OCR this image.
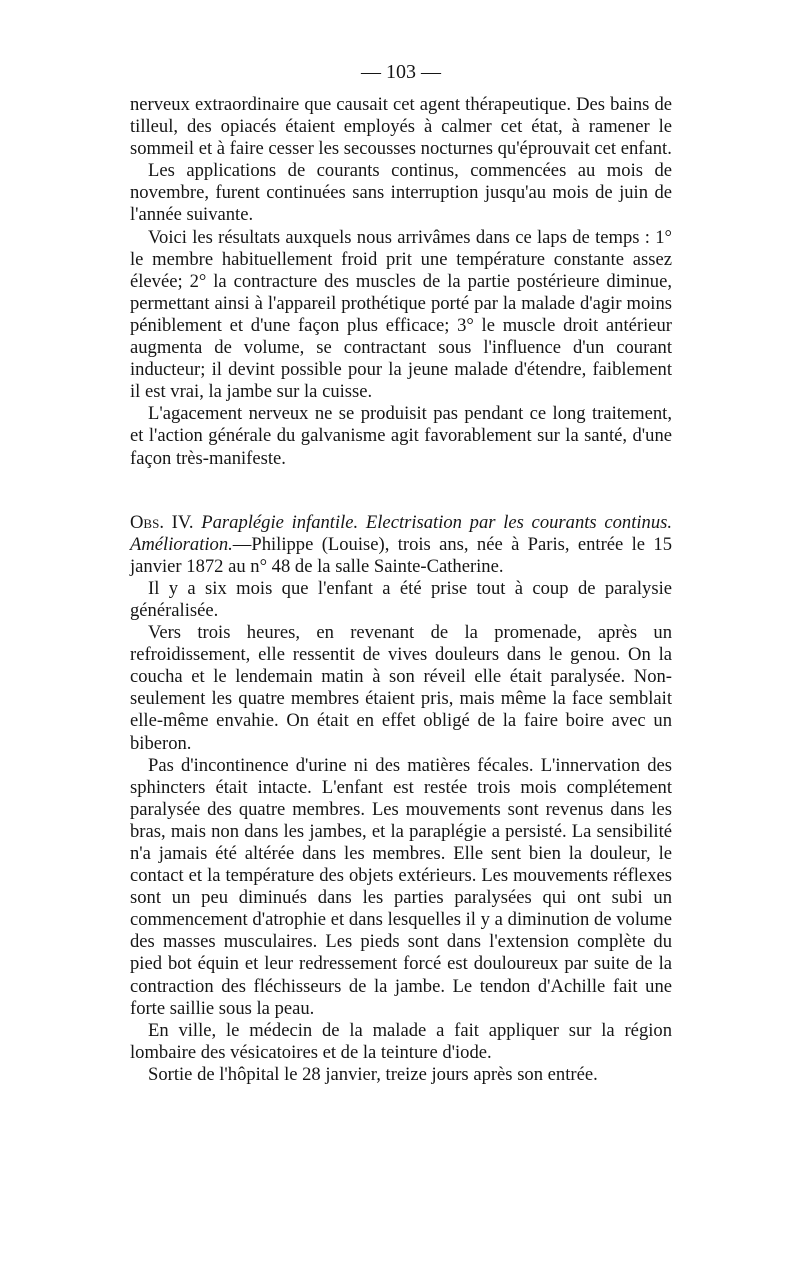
— 103 —

nerveux extraordinaire que causait cet agent thérapeutique. Des bains de tilleul, des opiacés étaient employés à calmer cet état, à ramener le sommeil et à faire cesser les secousses nocturnes qu'éprouvait cet enfant.

Les applications de courants continus, commencées au mois de novembre, furent continuées sans interruption jusqu'au mois de juin de l'année suivante.

Voici les résultats auxquels nous arrivâmes dans ce laps de temps : 1° le membre habituellement froid prit une température constante assez élevée; 2° la contracture des muscles de la partie postérieure diminue, permettant ainsi à l'appareil prothétique porté par la malade d'agir moins péniblement et d'une façon plus efficace; 3° le muscle droit antérieur augmenta de volume, se contractant sous l'influence d'un courant inducteur; il devint possible pour la jeune malade d'étendre, faiblement il est vrai, la jambe sur la cuisse.

L'agacement nerveux ne se produisit pas pendant ce long traitement, et l'action générale du galvanisme agit favorablement sur la santé, d'une façon très-manifeste.

Obs. IV. Paraplégie infantile. Electrisation par les courants continus. Amélioration.—Philippe (Louise), trois ans, née à Paris, entrée le 15 janvier 1872 au n° 48 de la salle Sainte-Catherine.

Il y a six mois que l'enfant a été prise tout à coup de paralysie généralisée.

Vers trois heures, en revenant de la promenade, après un refroidissement, elle ressentit de vives douleurs dans le genou. On la coucha et le lendemain matin à son réveil elle était paralysée. Non-seulement les quatre membres étaient pris, mais même la face semblait elle-même envahie. On était en effet obligé de la faire boire avec un biberon.

Pas d'incontinence d'urine ni des matières fécales. L'innervation des sphincters était intacte. L'enfant est restée trois mois complétement paralysée des quatre membres. Les mouvements sont revenus dans les bras, mais non dans les jambes, et la paraplégie a persisté. La sensibilité n'a jamais été altérée dans les membres. Elle sent bien la douleur, le contact et la température des objets extérieurs. Les mouvements réflexes sont un peu diminués dans les parties paralysées qui ont subi un commencement d'atrophie et dans lesquelles il y a diminution de volume des masses musculaires. Les pieds sont dans l'extension complète du pied bot équin et leur redressement forcé est douloureux par suite de la contraction des fléchisseurs de la jambe. Le tendon d'Achille fait une forte saillie sous la peau.

En ville, le médecin de la malade a fait appliquer sur la région lombaire des vésicatoires et de la teinture d'iode.

Sortie de l'hôpital le 28 janvier, treize jours après son entrée.
